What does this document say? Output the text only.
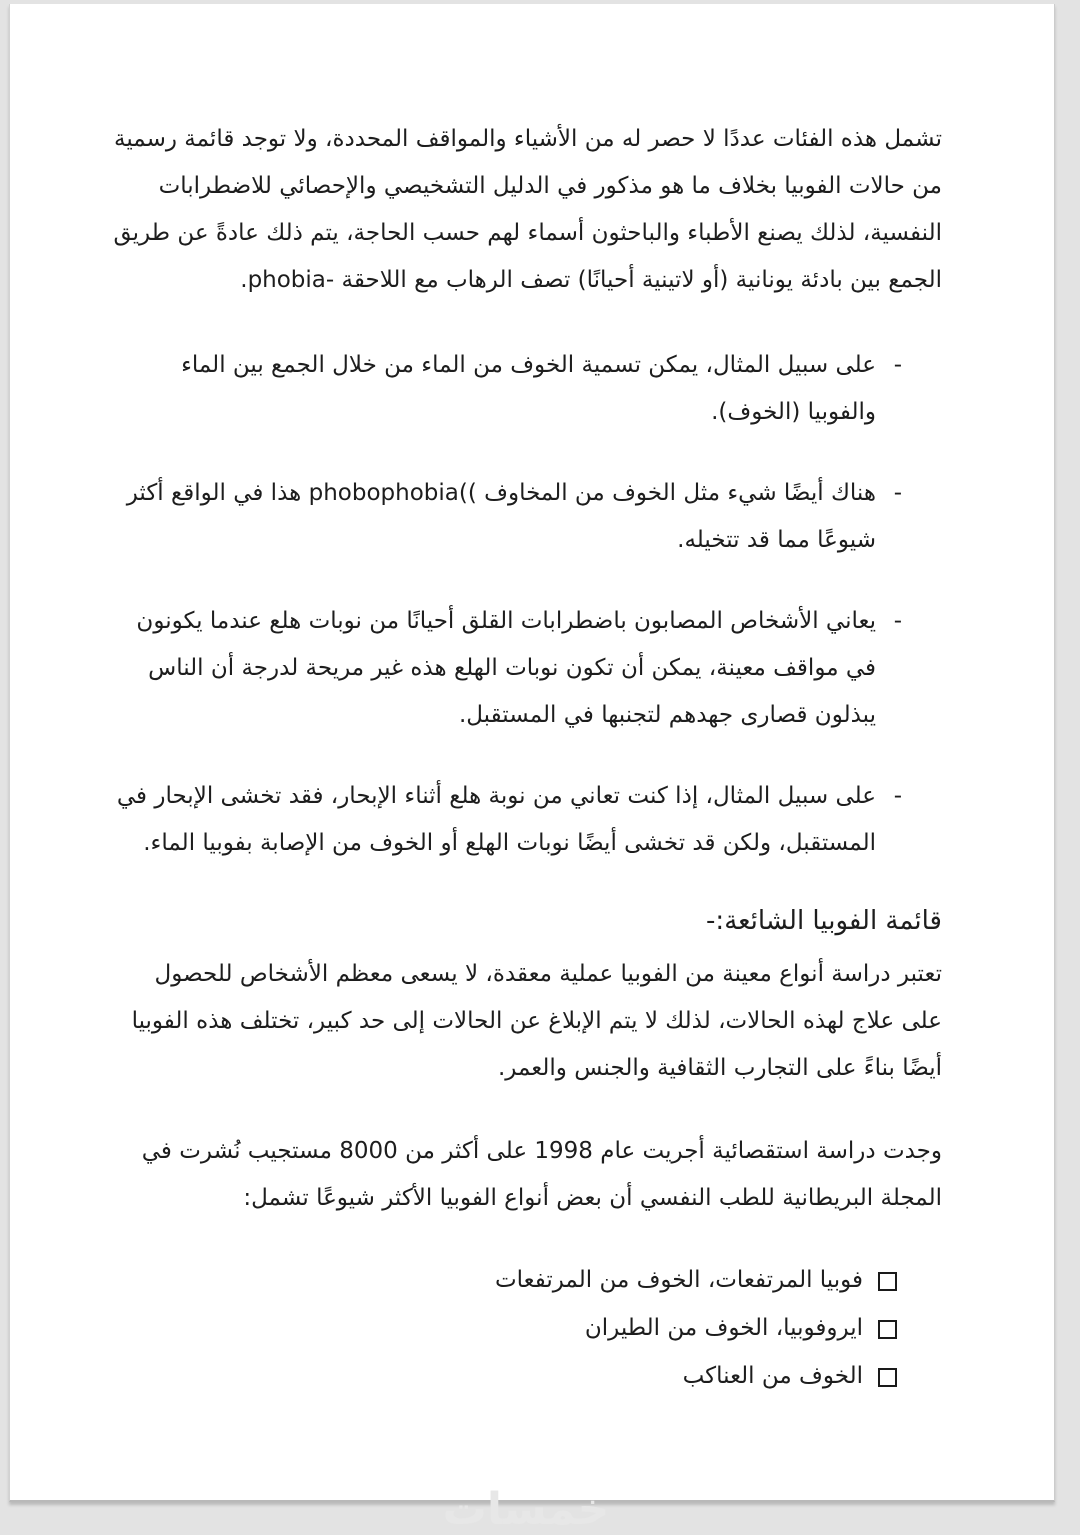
تشمل هذه الفئات عددًا لا حصر له من الأشياء والمواقف المحددة، ولا توجد قائمة رسمية من حالات الفوبيا بخلاف ما هو مذكور في الدليل التشخيصي والإحصائي للاضطرابات النفسية، لذلك يصنع الأطباء والباحثون أسماء لهم حسب الحاجة، يتم ذلك عادةً عن طريق الجمع بين بادئة يونانية (أو لاتينية أحيانًا) تصف الرهاب مع اللاحقة -phobia.

-
على سبيل المثال، يمكن تسمية الخوف من الماء من خلال الجمع بين الماء والفوبيا (الخوف).
-
هناك أيضًا شيء مثل الخوف من المخاوف ))phobophobia هذا في الواقع أكثر شيوعًا مما قد تتخيله.
-
يعاني الأشخاص المصابون باضطرابات القلق أحيانًا من نوبات هلع عندما يكونون في مواقف معينة، يمكن أن تكون نوبات الهلع هذه غير مريحة لدرجة أن الناس يبذلون قصارى جهدهم لتجنبها في المستقبل.
-
على سبيل المثال، إذا كنت تعاني من نوبة هلع أثناء الإبحار، فقد تخشى الإبحار في المستقبل، ولكن قد تخشى أيضًا نوبات الهلع أو الخوف من الإصابة بفوبيا الماء.
قائمة الفوبيا الشائعة:-

تعتبر دراسة أنواع معينة من الفوبيا عملية معقدة، لا يسعى معظم الأشخاص للحصول على علاج لهذه الحالات، لذلك لا يتم الإبلاغ عن الحالات إلى حد كبير، تختلف هذه الفوبيا أيضًا بناءً على التجارب الثقافية والجنس والعمر.

وجدت دراسة استقصائية أجريت عام 1998 على أكثر من 8000 مستجيب نُشرت في المجلة البريطانية للطب النفسي أن بعض أنواع الفوبيا الأكثر شيوعًا تشمل:

فوبيا المرتفعات، الخوف من المرتفعات
ايروفوبيا، الخوف من الطيران
الخوف من العناكب
خمسات
